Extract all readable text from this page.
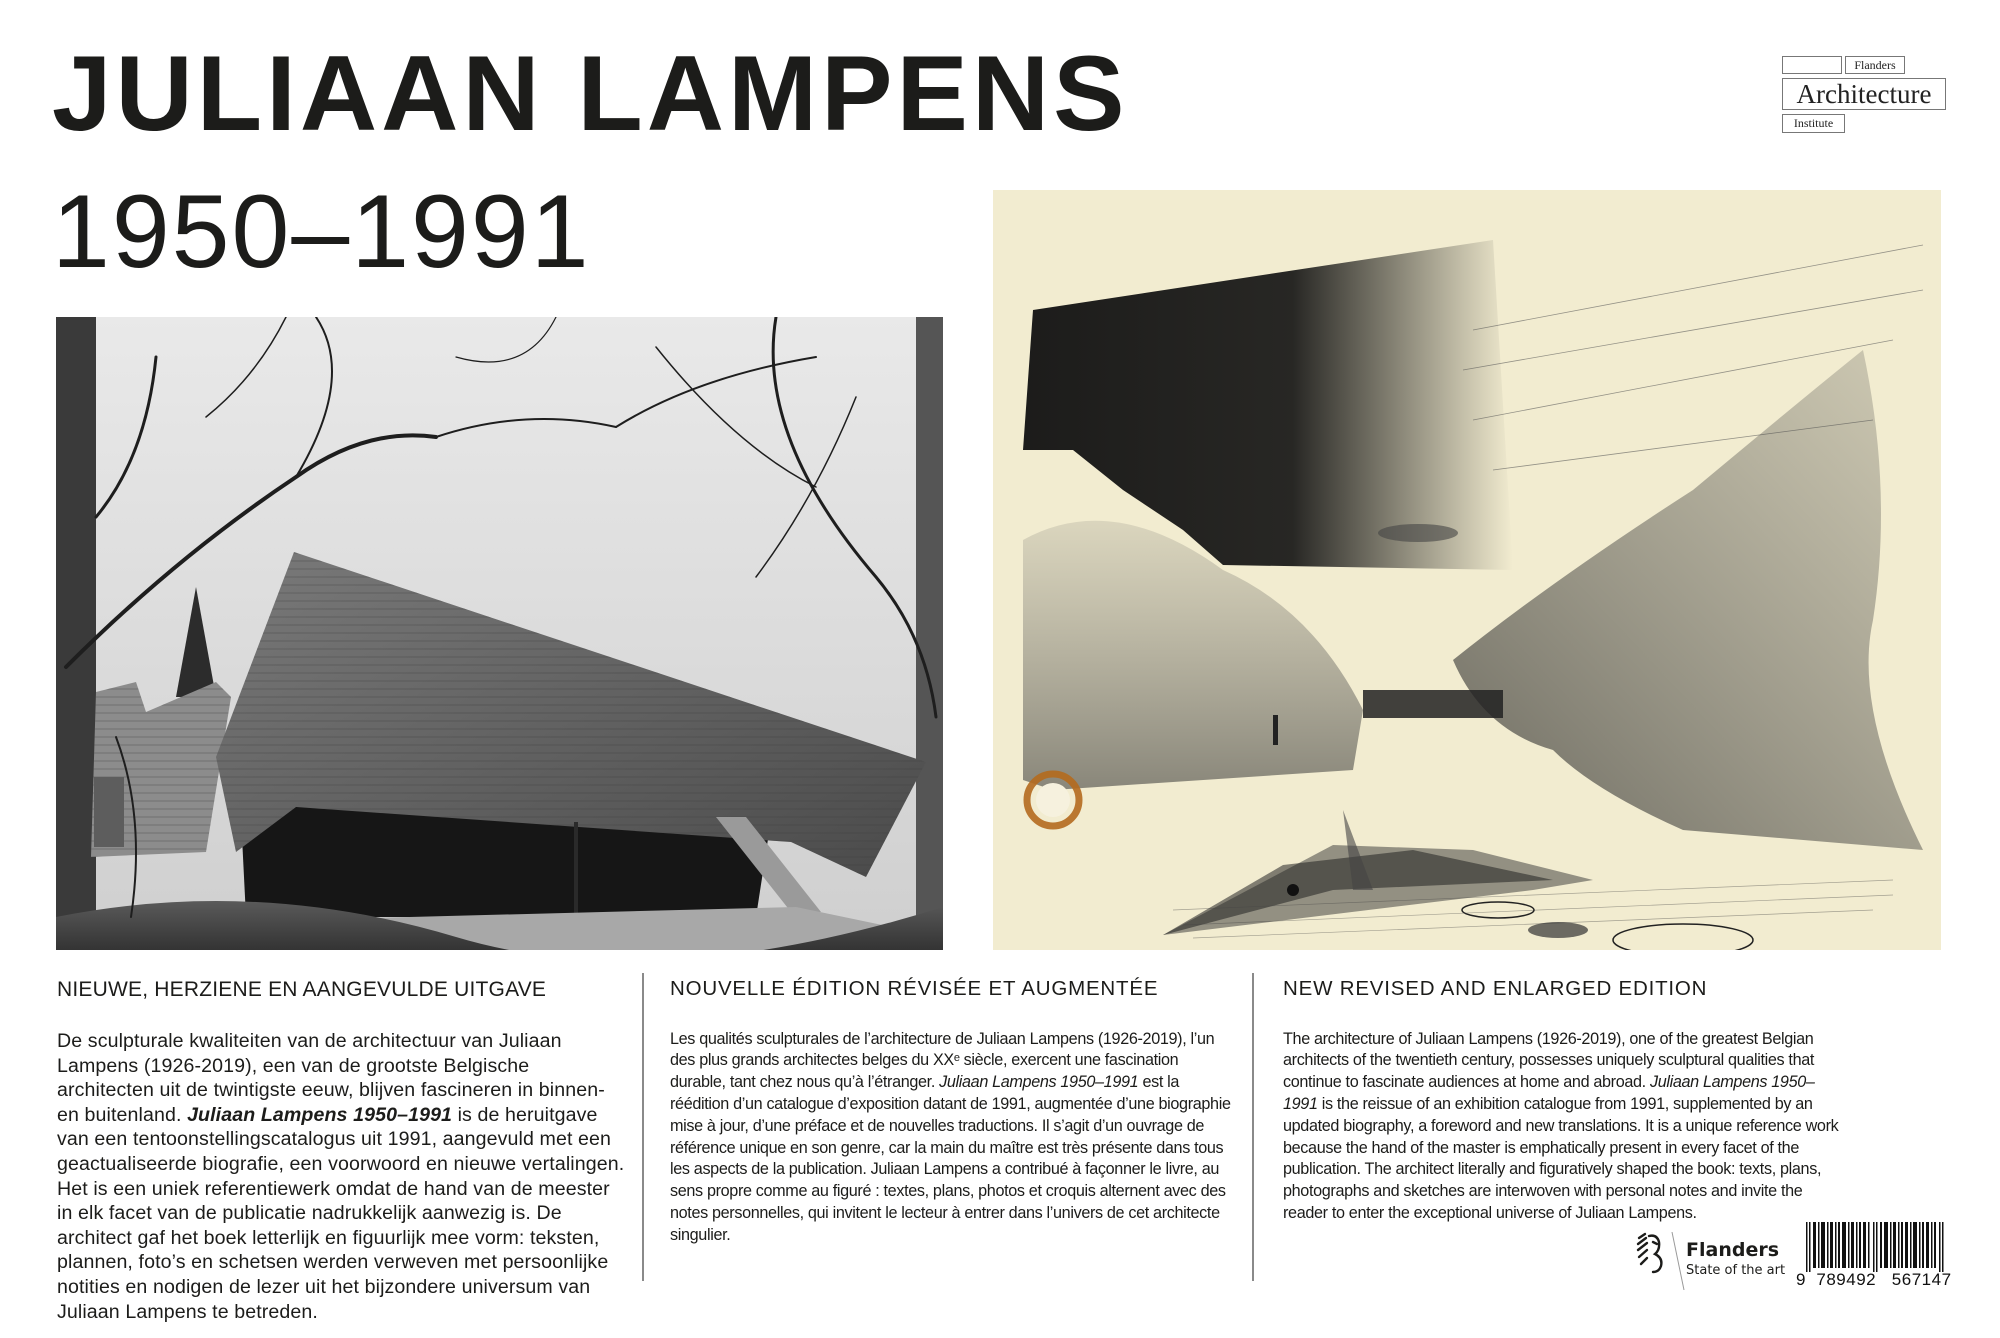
JULIAAN LAMPENS
1950–1991
Flanders
Architecture
Institute
NIEUWE, HERZIENE EN AANGEVULDE UITGAVE

De sculpturale kwaliteiten van de architectuur van Juliaan Lampens (1926-2019), een van de grootste Belgische architecten uit de twintigste eeuw, blijven fascineren in binnen- en buitenland. Juliaan Lampens 1950–1991 is de heruitgave van een tentoonstellingscatalogus uit 1991, aangevuld met een geactualiseerde biografie, een voorwoord en nieuwe vertalingen. Het is een uniek referentiewerk omdat de hand van de meester in elk facet van de publicatie nadrukkelijk aanwezig is. De architect gaf het boek letterlijk en figuurlijk mee vorm: teksten, plannen, foto’s en schetsen werden verweven met persoonlijke notities en nodigen de lezer uit het bijzondere universum van Juliaan Lampens te betreden.

NOUVELLE ÉDITION RÉVISÉE ET AUGMENTÉE

Les qualités sculpturales de l’architecture de Juliaan Lampens (1926-2019), l’un des plus grands architectes belges du XXᵉ siècle, exercent une fascination durable, tant chez nous qu’à l’étranger. Juliaan Lampens 1950–1991 est la réédition d’un catalogue d’exposition datant de 1991, augmentée d’une biographie mise à jour, d’une préface et de nouvelles traductions. Il s’agit d’un ouvrage de référence unique en son genre, car la main du maître est très présente dans tous les aspects de la publication. Juliaan Lampens a contribué à façonner le livre, au sens propre comme au figuré : textes, plans, photos et croquis alternent avec des notes personnelles, qui invitent le lecteur à entrer dans l’univers de cet architecte singulier.

NEW REVISED AND ENLARGED EDITION

The architecture of Juliaan Lampens (1926-2019), one of the greatest Belgian architects of the twentieth century, possesses uniquely sculptural qualities that continue to fascinate audiences at home and abroad. Juliaan Lampens 1950–1991 is the reissue of an exhibition catalogue from 1991, supplemented by an updated biography, a foreword and new translations. It is a unique reference work because the hand of the master is emphatically present in every facet of the publication. The architect literally and figuratively shaped the book: texts, plans, photographs and sketches are interwoven with personal notes and invite the reader to enter the exceptional universe of Juliaan Lampens.

Flanders
State of the art 9  789492   567147
